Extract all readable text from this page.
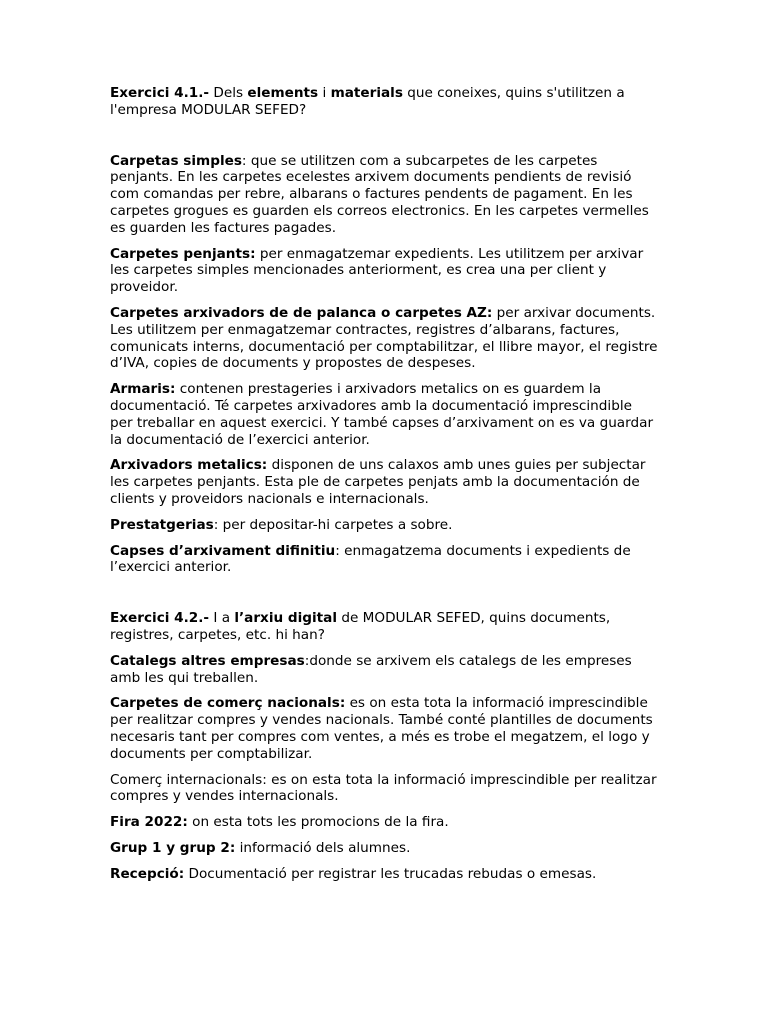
Exercici 4.1.- Dels elements i materials que coneixes, quins s'utilitzen a l'empresa MODULAR SEFED?

Carpetas simples: que se utilitzen com a subcarpetes de les carpetes penjants. En les carpetes ecelestes arxivem documents pendients de revisió com comandas per rebre, albarans o factures pendents de pagament. En les carpetes grogues es guarden els correos electronics. En les carpetes vermelles es guarden les factures pagades.

Carpetes penjants: per enmagatzemar expedients. Les utilitzem per arxivar les carpetes simples mencionades anteriorment, es crea una per client y proveidor.

Carpetes arxivadors de de palanca o carpetes AZ: per arxivar documents. Les utilitzem per enmagatzemar contractes, registres d’albarans, factures, comunicats interns, documentació per comptabilitzar, el llibre mayor, el registre d’IVA, copies de documents y propostes de despeses.

Armaris: contenen prestageries i arxivadors metalics on es guardem la documentació. Té carpetes arxivadores amb la documentació imprescindible per treballar en aquest exercici. Y també capses d’arxivament on es va guardar la documentació de l’exercici anterior.

Arxivadors metalics: disponen de uns calaxos amb unes guies per subjectar les carpetes penjants. Esta ple de carpetes penjats amb la documentación de clients y proveidors nacionals e internacionals.

Prestatgerias: per depositar-hi carpetes a sobre.

Capses d’arxivament difinitiu: enmagatzema documents i expedients de l’exercici anterior.

Exercici 4.2.- I a l’arxiu digital de MODULAR SEFED, quins documents, registres, carpetes, etc. hi han?

Catalegs altres empresas:donde se arxivem els catalegs de les empreses amb les qui treballen.

Carpetes de comerç nacionals: es on esta tota la informació imprescindible per realitzar compres y vendes nacionals. També conté plantilles de documents necesaris tant per compres com ventes, a més es trobe el megatzem, el logo y documents per comptabilizar.

Comerç internacionals: es on esta tota la informació imprescindible per realitzar compres y vendes internacionals.

Fira 2022: on esta tots les promocions de la fira.

Grup 1 y grup 2: informació dels alumnes.

Recepció: Documentació per registrar les trucadas rebudas o emesas.
